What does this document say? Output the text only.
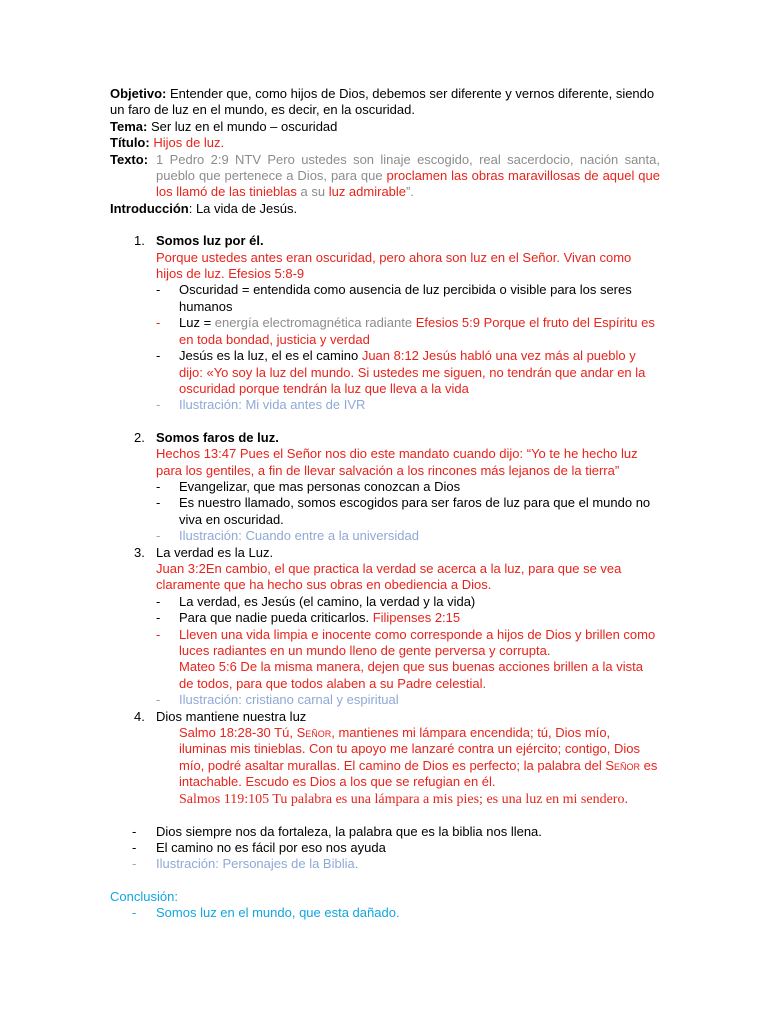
Objetivo: Entender que, como hijos de Dios, debemos ser diferente y vernos diferente, siendo un faro de luz en el mundo, es decir, en la oscuridad.
Tema: Ser luz en el mundo – oscuridad
Título: Hijos de luz.
Texto: 1 Pedro 2:9 NTV Pero ustedes son linaje escogido, real sacerdocio, nación santa, pueblo que pertenece a Dios, para que proclamen las obras maravillosas de aquel que los llamó de las tinieblas a su luz admirable”.
Introducción: La vida de Jesús.
1. Somos luz por él.
Porque ustedes antes eran oscuridad, pero ahora son luz en el Señor. Vivan como hijos de luz. Efesios 5:8-9
- Oscuridad = entendida como ausencia de luz percibida o visible para los seres humanos
- Luz = energía electromagnética radiante Efesios 5:9 Porque el fruto del Espíritu es en toda bondad, justicia y verdad
- Jesús es la luz, el es el camino Juan 8:12 Jesús habló una vez más al pueblo y dijo: «Yo soy la luz del mundo. Si ustedes me siguen, no tendrán que andar en la oscuridad porque tendrán la luz que lleva a la vida
- Ilustración: Mi vida antes de IVR
2. Somos faros de luz.
Hechos 13:47 Pues el Señor nos dio este mandato cuando dijo: “Yo te he hecho luz para los gentiles, a fin de llevar salvación a los rincones más lejanos de la tierra”
- Evangelizar, que mas personas conozcan a Dios
- Es nuestro llamado, somos escogidos para ser faros de luz para que el mundo no viva en oscuridad.
- Ilustración: Cuando entre a la universidad
3. La verdad es la Luz.
Juan 3:2En cambio, el que practica la verdad se acerca a la luz, para que se vea claramente que ha hecho sus obras en obediencia a Dios.
- La verdad, es Jesús (el camino, la verdad y la vida)
- Para que nadie pueda criticarlos. Filipenses 2:15
- Lleven una vida limpia e inocente como corresponde a hijos de Dios y brillen como luces radiantes en un mundo lleno de gente perversa y corrupta.
Mateo 5:6 De la misma manera, dejen que sus buenas acciones brillen a la vista de todos, para que todos alaben a su Padre celestial.
- Ilustración: cristiano carnal y espiritual
4. Dios mantiene nuestra luz
Salmo 18:28-30 Tú, Señor, mantienes mi lámpara encendida; tú, Dios mío, iluminas mis tinieblas. Con tu apoyo me lanzaré contra un ejército; contigo, Dios mío, podré asaltar murallas. El camino de Dios es perfecto; la palabra del Señor es intachable. Escudo es Dios a los que se refugian en él.
Salmos 119:105 Tu palabra es una lámpara a mis pies; es una luz en mi sendero.
- Dios siempre nos da fortaleza, la palabra que es la biblia nos llena.
- El camino no es fácil por eso nos ayuda
- Ilustración: Personajes de la Biblia.
Conclusión:
- Somos luz en el mundo, que esta dañado.
